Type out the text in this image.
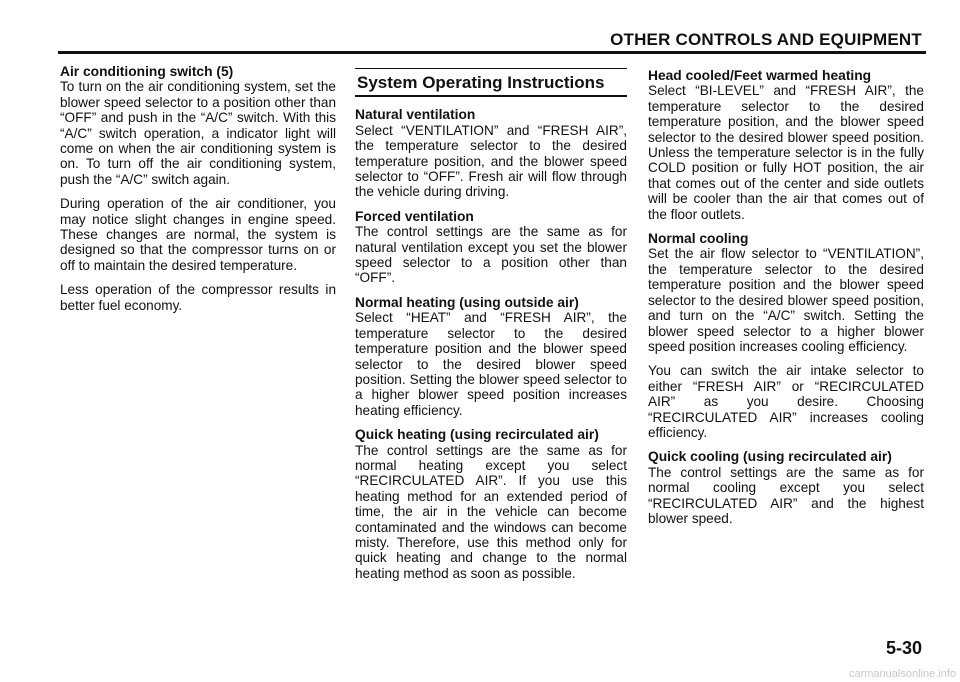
OTHER CONTROLS AND EQUIPMENT
Air conditioning switch (5)

To turn on the air conditioning system, set the blower speed selector to a position other than “OFF” and push in the “A/C” switch. With this “A/C” switch operation, a indicator light will come on when the air conditioning system is on. To turn off the air conditioning system, push the “A/C” switch again.

During operation of the air conditioner, you may notice slight changes in engine speed. These changes are normal, the system is designed so that the compressor turns on or off to maintain the desired temperature.

Less operation of the compressor results in better fuel economy.

System Operating Instructions
Natural ventilation

Select “VENTILATION” and “FRESH AIR”, the temperature selector to the desired temperature position, and the blower speed selector to “OFF”. Fresh air will flow through the vehicle during driving.

Forced ventilation

The control settings are the same as for natural ventilation except you set the blower speed selector to a position other than “OFF”.

Normal heating (using outside air)

Select “HEAT” and “FRESH AIR”, the temperature selector to the desired temperature position and the blower speed selector to the desired blower speed position. Setting the blower speed selector to a higher blower speed position increases heating efficiency.

Quick heating (using recirculated air)

The control settings are the same as for normal heating except you select “RECIRCULATED AIR”. If you use this heating method for an extended period of time, the air in the vehicle can become contaminated and the windows can become misty. Therefore, use this method only for quick heating and change to the normal heating method as soon as possible.

Head cooled/Feet warmed heating

Select “BI-LEVEL” and “FRESH AIR”, the temperature selector to the desired temperature position, and the blower speed selector to the desired blower speed position. Unless the temperature selector is in the fully COLD position or fully HOT position, the air that comes out of the center and side outlets will be cooler than the air that comes out of the floor outlets.

Normal cooling

Set the air flow selector to “VENTILATION”, the temperature selector to the desired temperature position and the blower speed selector to the desired blower speed position, and turn on the “A/C” switch. Setting the blower speed selector to a higher blower speed position increases cooling efficiency.

You can switch the air intake selector to either “FRESH AIR” or “RECIRCULATED AIR” as you desire. Choosing “RECIRCULATED AIR” increases cooling efficiency.

Quick cooling (using recirculated air)

The control settings are the same as for normal cooling except you select “RECIRCULATED AIR” and the highest blower speed.

5-30
carmanualsonline.info
